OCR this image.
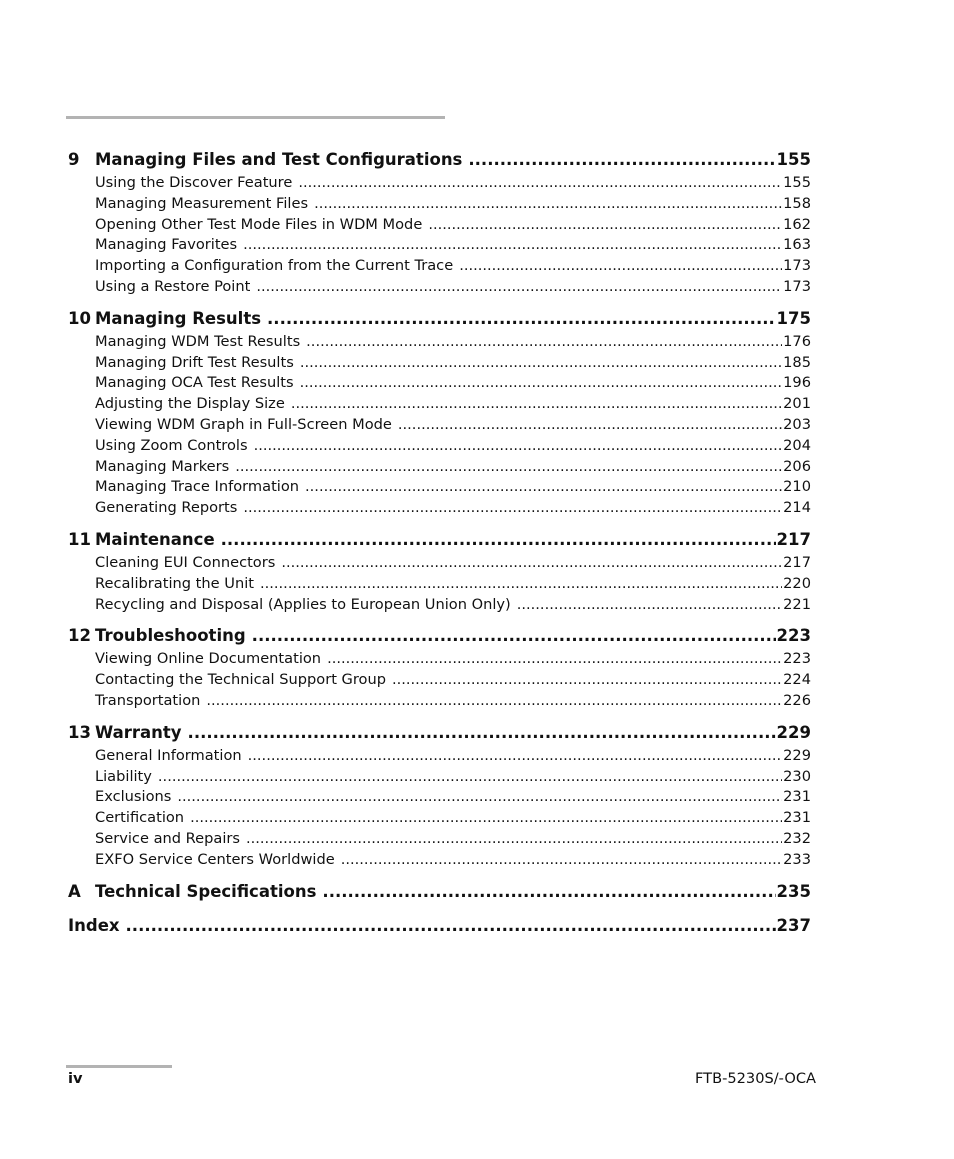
9 Managing Files and Test Configurations .....	155
Using the Discover Feature .....	155
Managing Measurement Files .....	158
Opening Other Test Mode Files in WDM Mode .....	162
Managing Favorites .....	163
Importing a Configuration from the Current Trace .....	173
Using a Restore Point .....	173
10 Managing Results .....	175
Managing WDM Test Results .....	176
Managing Drift Test Results .....	185
Managing OCA Test Results .....	196
Adjusting the Display Size .....	201
Viewing WDM Graph in Full-Screen Mode .....	203
Using Zoom Controls .....	204
Managing Markers .....	206
Managing Trace Information .....	210
Generating Reports .....	214
11 Maintenance .....	217
Cleaning EUI Connectors .....	217
Recalibrating the Unit .....	220
Recycling and Disposal (Applies to European Union Only) .....	221
12 Troubleshooting .....	223
Viewing Online Documentation .....	223
Contacting the Technical Support Group .....	224
Transportation .....	226
13 Warranty .....	229
General Information .....	229
Liability .....	230
Exclusions .....	231
Certification .....	231
Service and Repairs .....	232
EXFO Service Centers Worldwide .....	233
A Technical Specifications .....	235
Index .....	237
iv	FTB-5230S/-OCA
